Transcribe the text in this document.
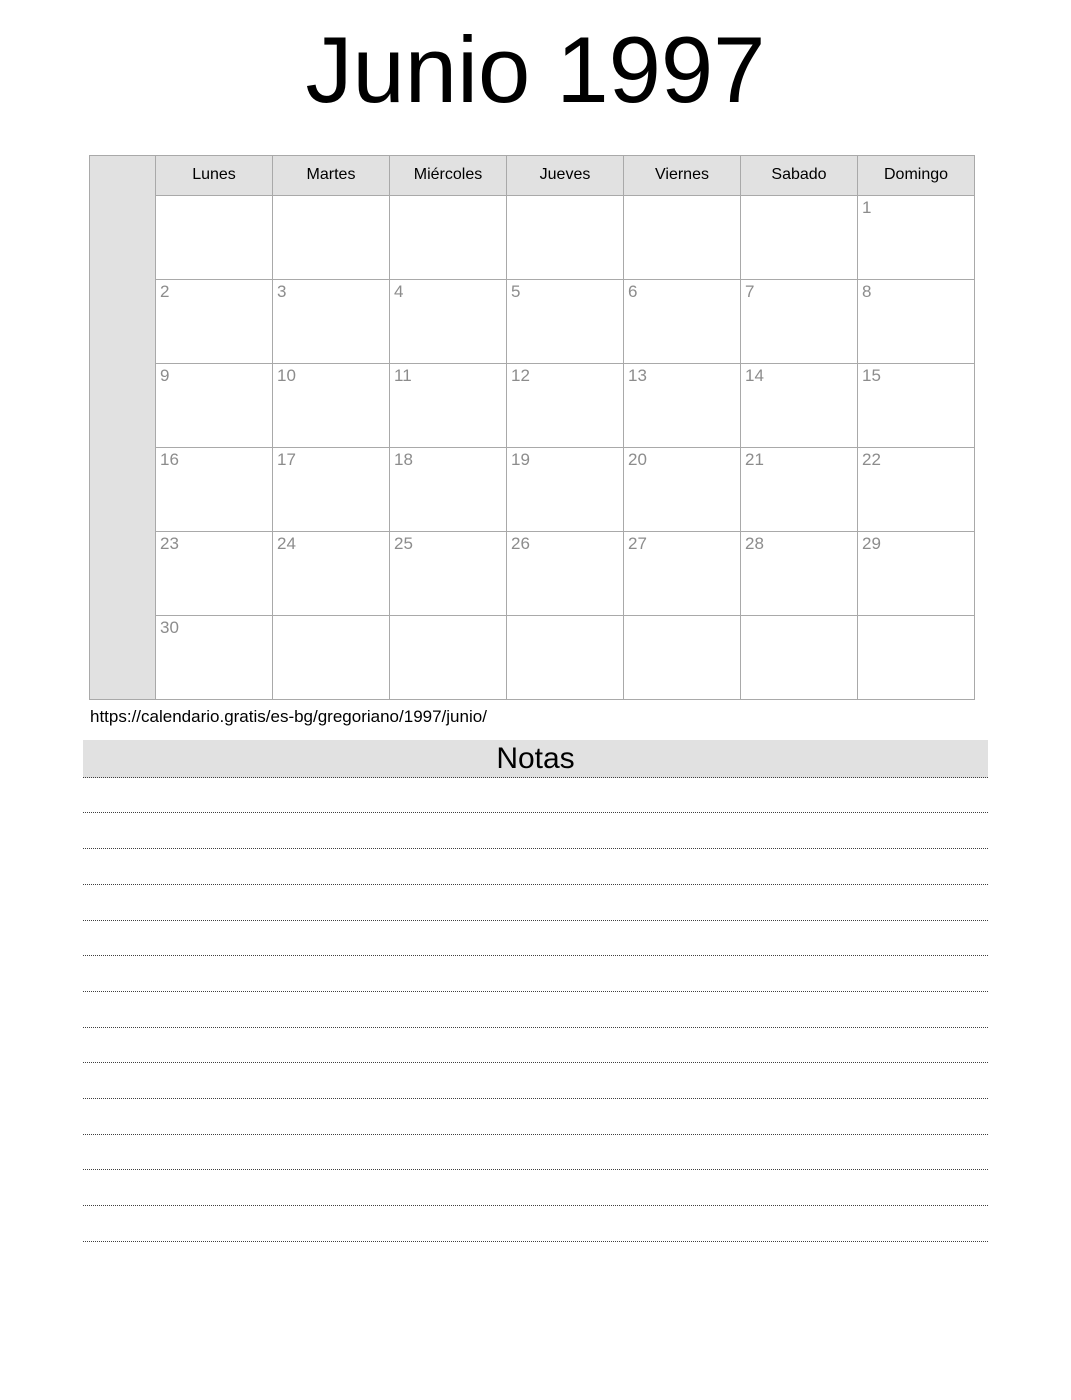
Junio 1997
	Lunes	Martes	Miércoles	Jueves	Viernes	Sabado	Domingo
							1
	2	3	4	5	6	7	8
	9	10	11	12	13	14	15
	16	17	18	19	20	21	22
	23	24	25	26	27	28	29
	30						
https://calendario.gratis/es-bg/gregoriano/1997/junio/
Notas
